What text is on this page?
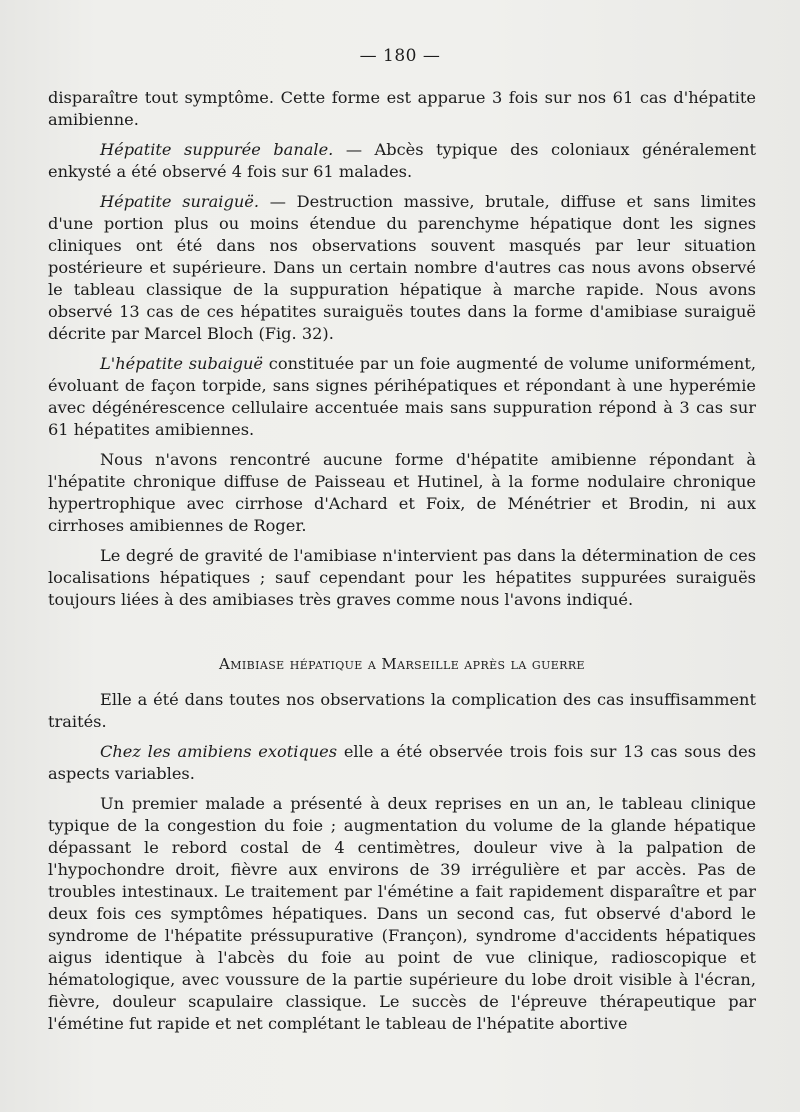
— 180 —

disparaître tout symptôme. Cette forme est apparue 3 fois sur nos 61 cas d'hépatite amibienne.

Hépatite suppurée banale. — Abcès typique des coloniaux généralement enkysté a été observé 4 fois sur 61 malades.

Hépatite suraiguë. — Destruction massive, brutale, diffuse et sans limites d'une portion plus ou moins étendue du parenchyme hépatique dont les signes cliniques ont été dans nos observations souvent masqués par leur situation postérieure et supérieure. Dans un certain nombre d'autres cas nous avons observé le tableau classique de la suppuration hépatique à marche rapide. Nous avons observé 13 cas de ces hépatites suraiguës toutes dans la forme d'amibiase suraiguë décrite par Marcel Bloch (Fig. 32).

L'hépatite subaiguë constituée par un foie augmenté de volume uniformément, évoluant de façon torpide, sans signes périhépatiques et répondant à une hyperémie avec dégénérescence cellulaire accentuée mais sans suppuration répond à 3 cas sur 61 hépatites amibiennes.

Nous n'avons rencontré aucune forme d'hépatite amibienne répondant à l'hépatite chronique diffuse de Paisseau et Hutinel, à la forme nodulaire chronique hypertrophique avec cirrhose d'Achard et Foix, de Ménétrier et Brodin, ni aux cirrhoses amibiennes de Roger.

Le degré de gravité de l'amibiase n'intervient pas dans la détermination de ces localisations hépatiques ; sauf cependant pour les hépatites suppurées suraiguës toujours liées à des amibiases très graves comme nous l'avons indiqué.

Amibiase hépatique a Marseille après la guerre

Elle a été dans toutes nos observations la complication des cas insuffisamment traités.

Chez les amibiens exotiques elle a été observée trois fois sur 13 cas sous des aspects variables.

Un premier malade a présenté à deux reprises en un an, le tableau clinique typique de la congestion du foie ; augmentation du volume de la glande hépatique dépassant le rebord costal de 4 centimètres, douleur vive à la palpation de l'hypochondre droit, fièvre aux environs de 39 irrégulière et par accès. Pas de troubles intestinaux. Le traitement par l'émétine a fait rapidement disparaître et par deux fois ces symptômes hépatiques. Dans un second cas, fut observé d'abord le syndrome de l'hépatite préssupurative (Françon), syndrome d'accidents hépatiques aigus identique à l'abcès du foie au point de vue clinique, radioscopique et hématologique, avec voussure de la partie supérieure du lobe droit visible à l'écran, fièvre, douleur scapulaire classique. Le succès de l'épreuve thérapeutique par l'émétine fut rapide et net complétant le tableau de l'hépatite abortive
